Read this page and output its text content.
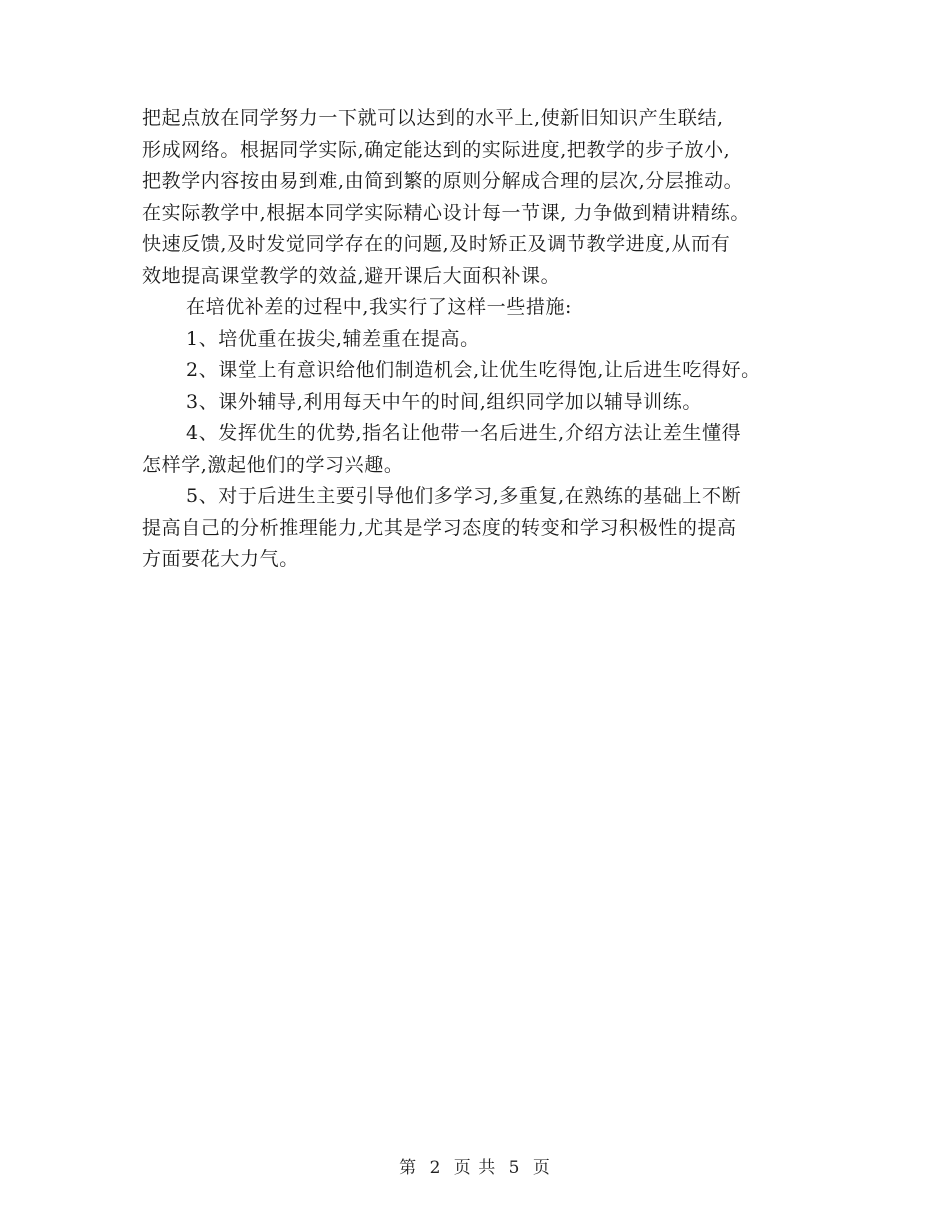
把起点放在同学努力一下就可以达到的水平上,使新旧知识产生联结,
形成网络。根据同学实际,确定能达到的实际进度,把教学的步子放小,
把教学内容按由易到难,由简到繁的原则分解成合理的层次,分层推动。
在实际教学中,根据本同学实际精心设计每一节课, 力争做到精讲精练。
快速反馈,及时发觉同学存在的问题,及时矫正及调节教学进度,从而有
效地提高课堂教学的效益,避开课后大面积补课。
在培优补差的过程中,我实行了这样一些措施:
1、培优重在拔尖,辅差重在提高。
2、课堂上有意识给他们制造机会,让优生吃得饱,让后进生吃得好。
3、课外辅导,利用每天中午的时间,组织同学加以辅导训练。
4、发挥优生的优势,指名让他带一名后进生,介绍方法让差生懂得
怎样学,激起他们的学习兴趣。
5、对于后进生主要引导他们多学习,多重复,在熟练的基础上不断
提高自己的分析推理能力,尤其是学习态度的转变和学习积极性的提高
方面要花大力气。
第 2 页 共 5 页
